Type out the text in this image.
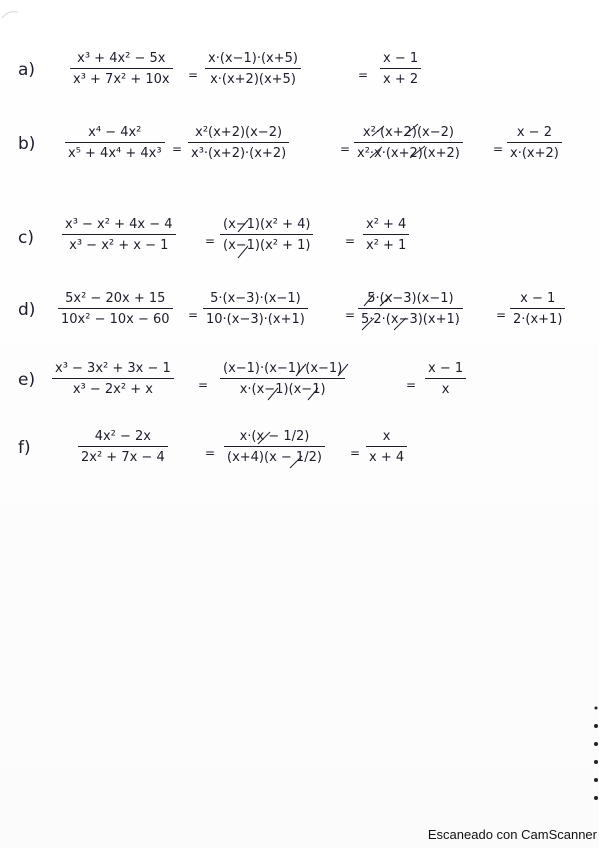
a)
x³ + 4x² − 5x
x³ + 7x² + 10x =
x·(x−1)·(x+5)
x·(x+2)(x+5)	=
x − 1
x + 2
b)
x⁴ − 4x²
x⁵ + 4x⁴ + 4x³ =
x²(x+2)(x−2)
x³·(x+2)·(x+2)	=
x²·(x+2)(x−2)
x²·x·(x+2)(x+2)	=
x − 2
x·(x+2)
c)
x³ − x² + 4x − 4
x³ − x² + x − 1	=
(x−1)(x² + 4)
(x−1)(x² + 1)	=
x² + 4
x² + 1
d)
5x² − 20x + 15
10x² − 10x − 60 =
5·(x−3)·(x−1)
10·(x−3)·(x+1)	=
5·(x−3)(x−1)
5·2·(x−3)(x+1)	=
x − 1
2·(x+1)
e)
x³ − 3x² + 3x − 1
x³ − 2x² + x	=
(x−1)·(x−1)·(x−1)
x·(x−1)(x−1)	=
x − 1
x
f)
4x² − 2x
2x² + 7x − 4	=
x·(x − 1/2)
(x+4)(x − 1/2) =
x
x + 4
Escaneado con CamScanner
